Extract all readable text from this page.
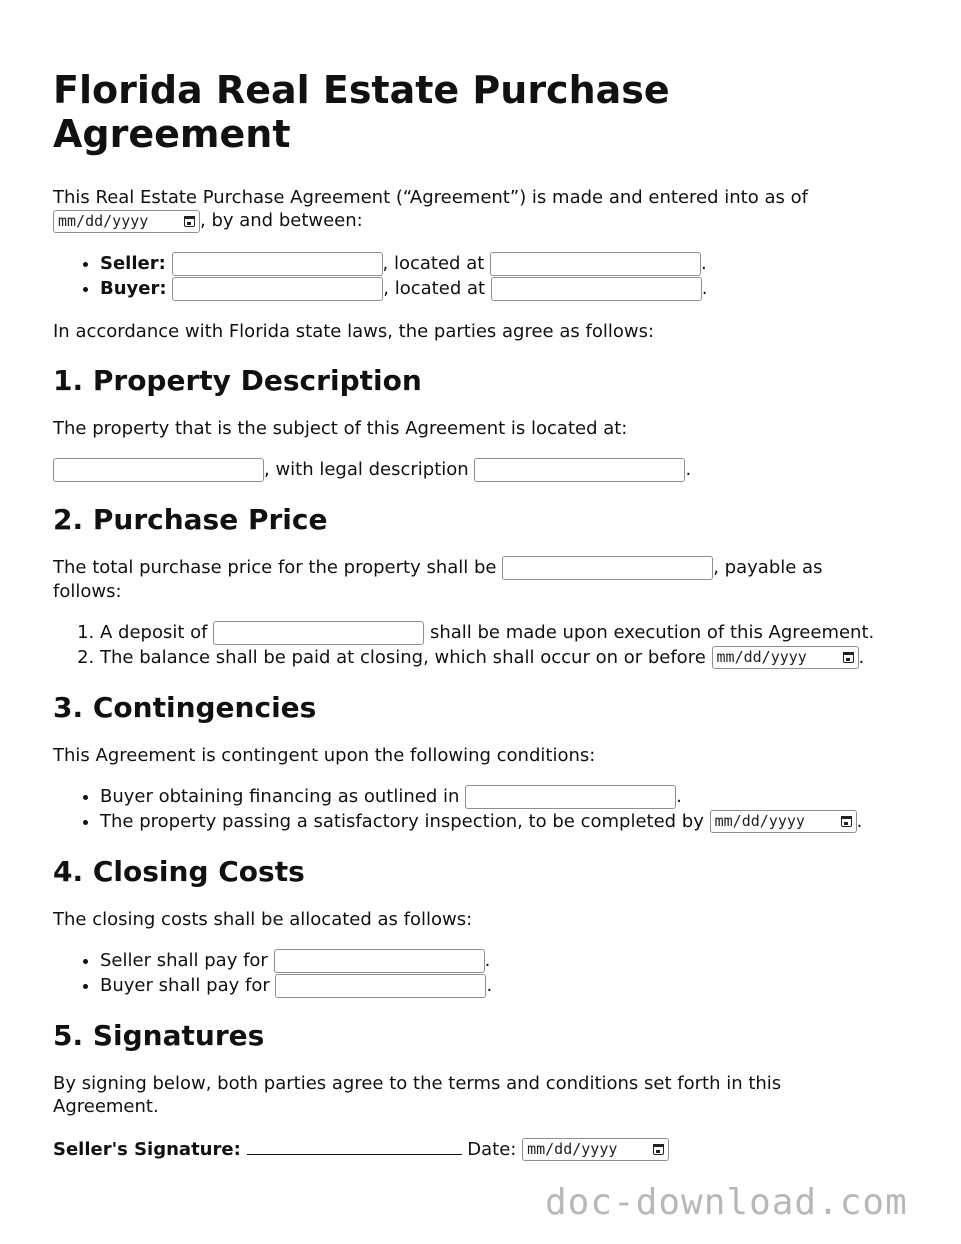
Florida Real Estate Purchase Agreement

This Real Estate Purchase Agreement (“Agreement”) is made and entered into as of

mm/dd/yyyy	, by and between:

• Seller:	, located at	.
• Buyer:	, located at	.

In accordance with Florida state laws, the parties agree as follows:

1. Property Description

The property that is the subject of this Agreement is located at:

, with legal description	.

2. Purchase Price

The total purchase price for the property shall be	, payable as follows:

1. A deposit of	shall be made upon execution of this Agreement.
2. The balance shall be paid at closing, which shall occur on or before mm/dd/yyyy	.
3. Contingencies

This Agreement is contingent upon the following conditions:

• Buyer obtaining financing as outlined in	.
• The property passing a satisfactory inspection, to be completed by mm/dd/yyyy	.
4. Closing Costs

The closing costs shall be allocated as follows:

• Seller shall pay for	.
• Buyer shall pay for	.
5. Signatures

By signing below, both parties agree to the terms and conditions set forth in this Agreement.

Seller's Signature:	Date: mm/dd/yyyy

doc-download.com
